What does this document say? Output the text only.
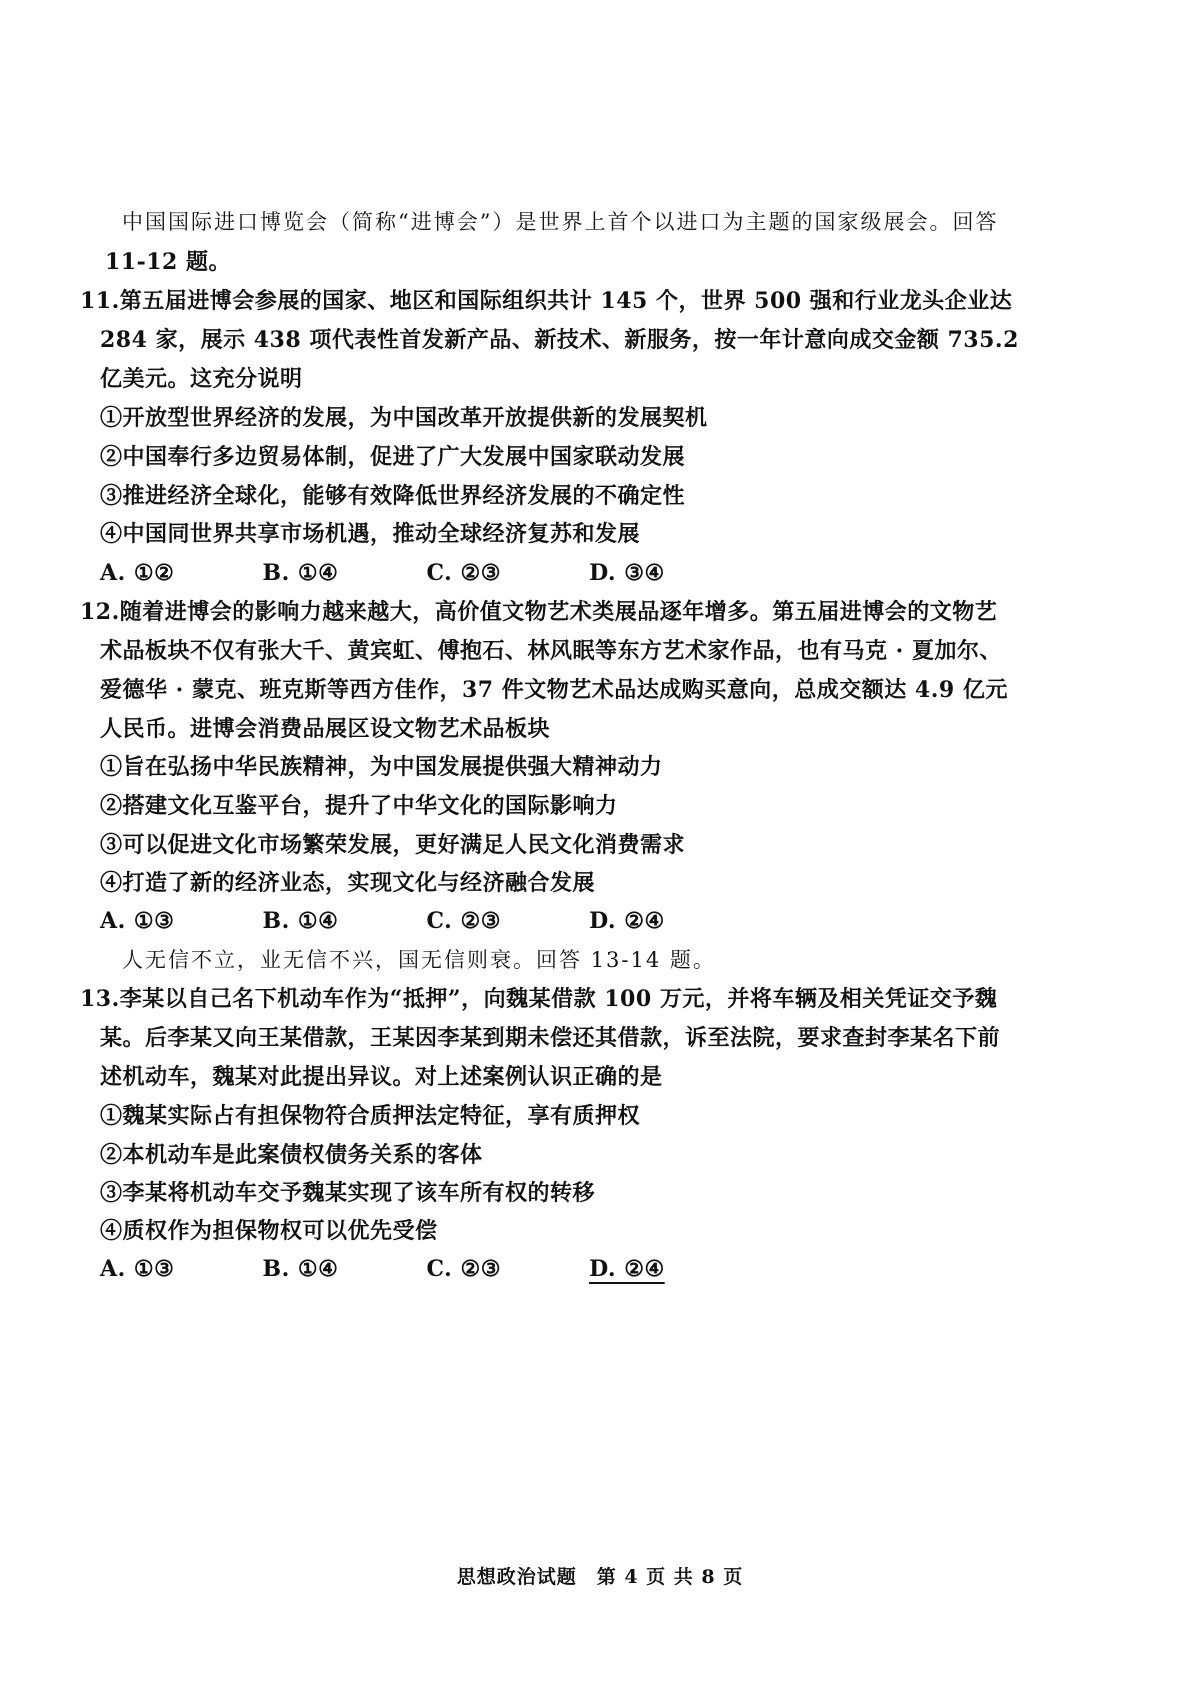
中国国际进口博览会（简称“进博会”）是世界上首个以进口为主题的国家级展会。回答
11-12 题。
11.第五届进博会参展的国家、地区和国际组织共计 145 个，世界 500 强和行业龙头企业达
284 家，展示 438 项代表性首发新产品、新技术、新服务，按一年计意向成交金额 735.2
亿美元。这充分说明
①开放型世界经济的发展，为中国改革开放提供新的发展契机
②中国奉行多边贸易体制，促进了广大发展中国家联动发展
③推进经济全球化，能够有效降低世界经济发展的不确定性
④中国同世界共享市场机遇，推动全球经济复苏和发展
A. ①②	B. ①④	C. ②③	D. ③④
12.随着进博会的影响力越来越大，高价值文物艺术类展品逐年增多。第五届进博会的文物艺
术品板块不仅有张大千、黄宾虹、傅抱石、林风眠等东方艺术家作品，也有马克 · 夏加尔、
爱德华 · 蒙克、班克斯等西方佳作，37 件文物艺术品达成购买意向，总成交额达 4.9 亿元
人民币。进博会消费品展区设文物艺术品板块
①旨在弘扬中华民族精神，为中国发展提供强大精神动力
②搭建文化互鉴平台，提升了中华文化的国际影响力
③可以促进文化市场繁荣发展，更好满足人民文化消费需求
④打造了新的经济业态，实现文化与经济融合发展
A. ①③	B. ①④	C. ②③	D. ②④
人无信不立，业无信不兴，国无信则衰。回答 13-14 题。
13.李某以自己名下机动车作为“抵押”，向魏某借款 100 万元，并将车辆及相关凭证交予魏
某。后李某又向王某借款，王某因李某到期未偿还其借款，诉至法院，要求查封李某名下前
述机动车，魏某对此提出异议。对上述案例认识正确的是
①魏某实际占有担保物符合质押法定特征，享有质押权
②本机动车是此案债权债务关系的客体
③李某将机动车交予魏某实现了该车所有权的转移
④质权作为担保物权可以优先受偿
A. ①③	B. ①④	C. ②③	D. ②④
思想政治试题　第 4 页 共 8 页
